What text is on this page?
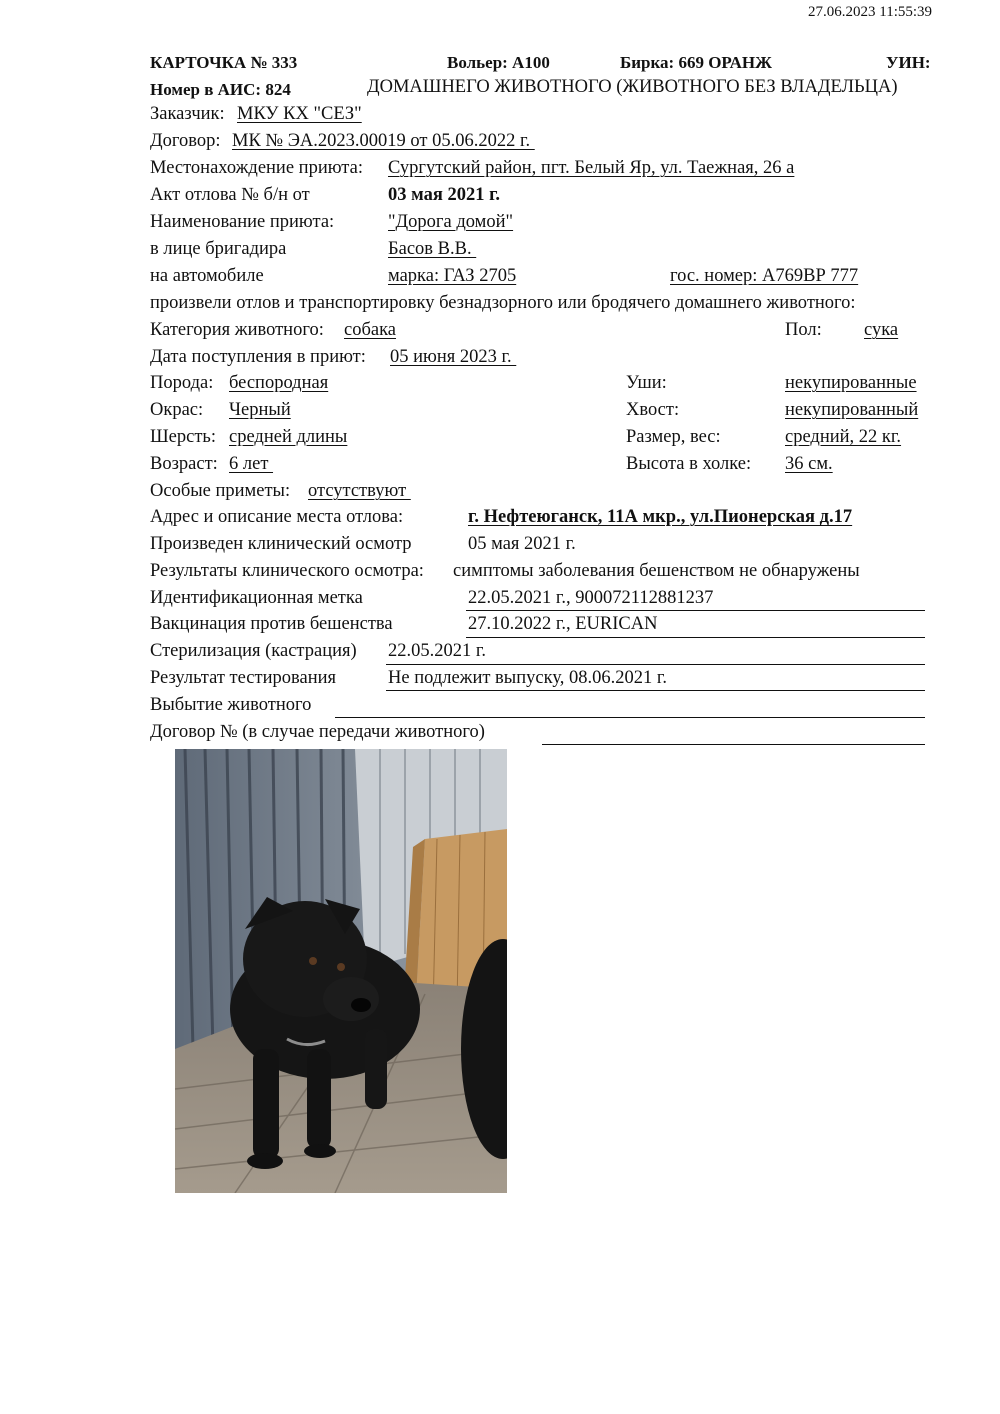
27.06.2023 11:55:39
КАРТОЧКА № 333	Вольер: А100	Бирка: 669 ОРАНЖ	УИН:
Номер в АИС: 824	ДОМАШНЕГО ЖИВОТНОГО (ЖИВОТНОГО БЕЗ ВЛАДЕЛЬЦА)
Заказчик: МКУ КХ "СЕЗ"
Договор: МК № ЭА.2023.00019 от 05.06.2022 г.
Местонахождение приюта: Сургутский район, пгт. Белый Яр, ул. Таежная, 26 а
Акт отлова № б/н от	03 мая 2021 г.
Наименование приюта:	"Дорога домой"
в лице бригадира	Басов В.В.
на автомобиле	марка: ГАЗ 2705	гос. номер: А769ВР 777
произвели отлов и транспортировку безнадзорного или бродячего домашнего животного:
Категория животного: собака	Пол: сука
Дата поступления в приют: 05 июня 2023 г.
Порода: беспородная	Уши:	некупированные
Окрас: Черный	Хвост:	некупированный
Шерсть: средней длины	Размер, вес:	средний, 22 кг.
Возраст: 6 лет	Высота в холке: 36 см.
Особые приметы: отсутствуют
Адрес и описание места отлова:	г. Нефтеюганск, 11А мкр., ул.Пионерская д.17
Произведен клинический осмотр	05 мая 2021 г.
Результаты клинического осмотра: симптомы заболевания бешенством не обнаружены
Идентификационная метка	22.05.2021 г., 900072112881237
Вакцинация против бешенства	27.10.2022 г., EURICAN
Стерилизация (кастрация) 22.05.2021 г.
Результат тестирования	Не подлежит выпуску, 08.06.2021 г.
Выбытие животного
Договор № (в случае передачи животного)
